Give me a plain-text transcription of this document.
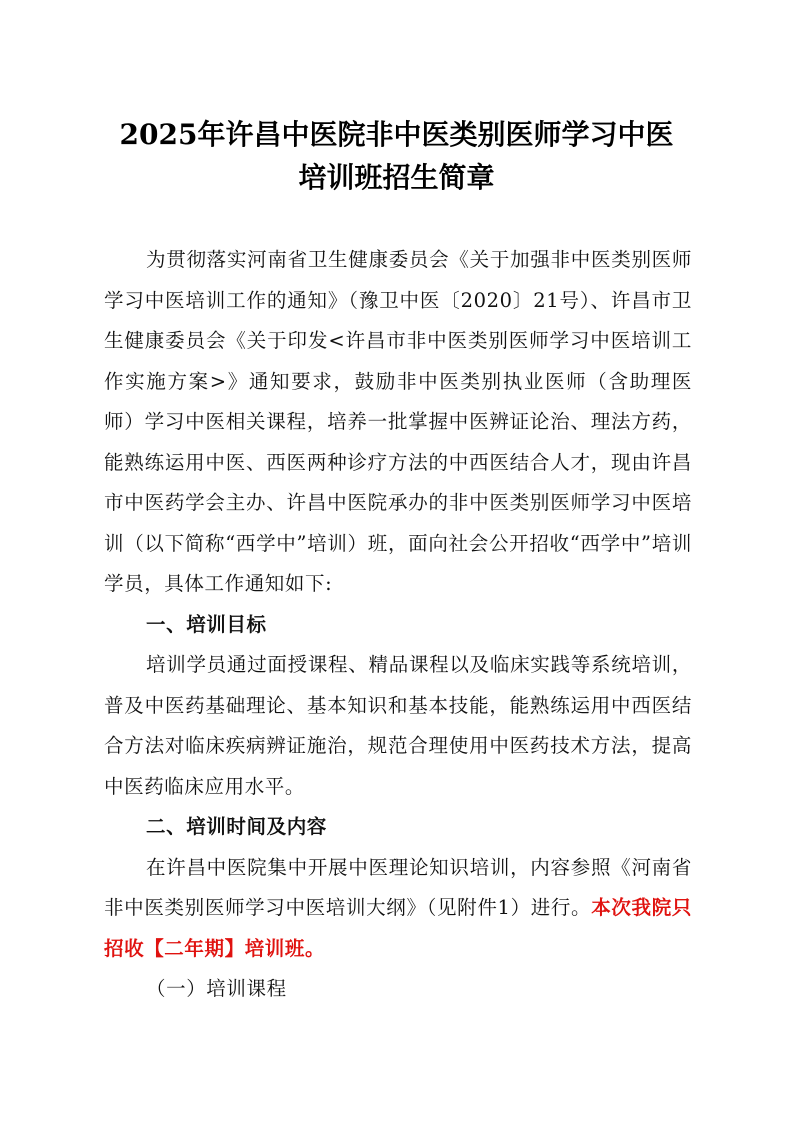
2025年许昌中医院非中医类别医师学习中医
培训班招生简章

为贯彻落实河南省卫生健康委员会《关于加强非中医类别医师学习中医培训工作的通知》（豫卫中医〔2020〕21号）、许昌市卫生健康委员会《关于印发<许昌市非中医类别医师学习中医培训工作实施方案>》通知要求，鼓励非中医类别执业医师（含助理医师）学习中医相关课程，培养一批掌握中医辨证论治、理法方药，能熟练运用中医、西医两种诊疗方法的中西医结合人才，现由许昌市中医药学会主办、许昌中医院承办的非中医类别医师学习中医培训（以下简称“西学中”培训）班，面向社会公开招收“西学中”培训学员，具体工作通知如下:

一、培训目标

培训学员通过面授课程、精品课程以及临床实践等系统培训，普及中医药基础理论、基本知识和基本技能，能熟练运用中西医结合方法对临床疾病辨证施治，规范合理使用中医药技术方法，提高中医药临床应用水平。

二、培训时间及内容

在许昌中医院集中开展中医理论知识培训，内容参照《河南省非中医类别医师学习中医培训大纲》（见附件1）进行。本次我院只招收【二年期】培训班。

（一）培训课程
